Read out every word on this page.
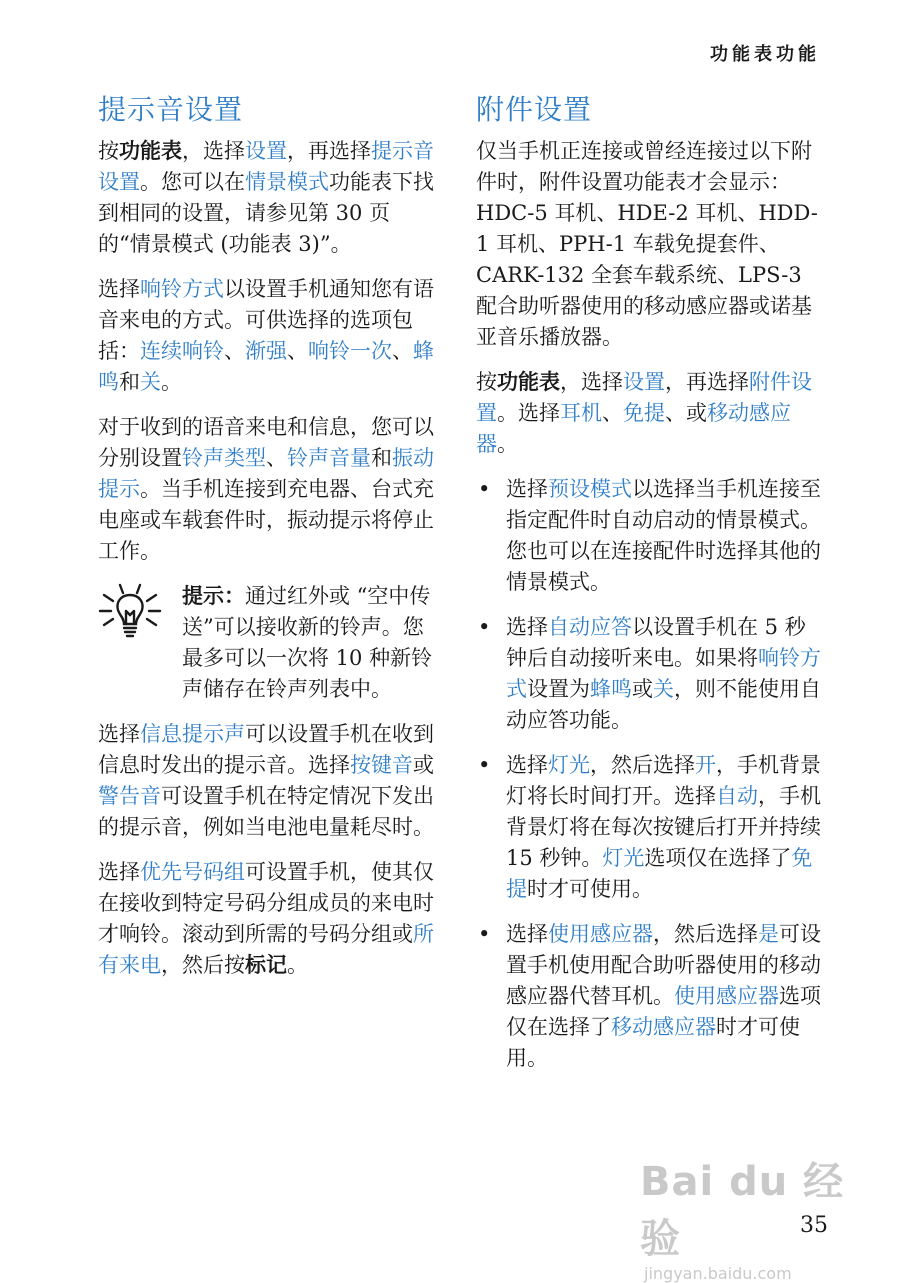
功能表功能
提示音设置

按功能表，选择设置，再选择提示音设置。您可以在情景模式功能表下找到相同的设置，请参见第 30 页的“情景模式 (功能表 3)”。

选择响铃方式以设置手机通知您有语音来电的方式。可供选择的选项包括：连续响铃、渐强、响铃一次、蜂鸣和关。

对于收到的语音来电和信息，您可以分别设置铃声类型、铃声音量和振动提示。当手机连接到充电器、台式充电座或车载套件时，振动提示将停止工作。

提示：通过红外或 “空中传送”可以接收新的铃声。您最多可以一次将 10 种新铃声储存在铃声列表中。

选择信息提示声可以设置手机在收到信息时发出的提示音。选择按键音或警告音可设置手机在特定情况下发出的提示音，例如当电池电量耗尽时。

选择优先号码组可设置手机，使其仅在接收到特定号码分组成员的来电时才响铃。滚动到所需的号码分组或所有来电，然后按标记。

附件设置

仅当手机正连接或曾经连接过以下附件时，附件设置功能表才会显示：HDC-5 耳机、HDE-2 耳机、HDD-1 耳机、PPH-1 车载免提套件、CARK-132 全套车载系统、LPS-3 配合助听器使用的移动感应器或诺基亚音乐播放器。

按功能表，选择设置，再选择附件设置。选择耳机、免提、或移动感应器。

• 选择预设模式以选择当手机连接至指定配件时自动启动的情景模式。您也可以在连接配件时选择其他的情景模式。
• 选择自动应答以设置手机在 5 秒钟后自动接听来电。如果将响铃方式设置为蜂鸣或关，则不能使用自动应答功能。
• 选择灯光，然后选择开，手机背景灯将长时间打开。选择自动，手机背景灯将在每次按键后打开并持续 15 秒钟。灯光选项仅在选择了免提时才可使用。
• 选择使用感应器，然后选择是可设置手机使用配合助听器使用的移动感应器代替耳机。使用感应器选项仅在选择了移动感应器时才可使用。
Bai du 经验
jingyan.baidu.com
35
